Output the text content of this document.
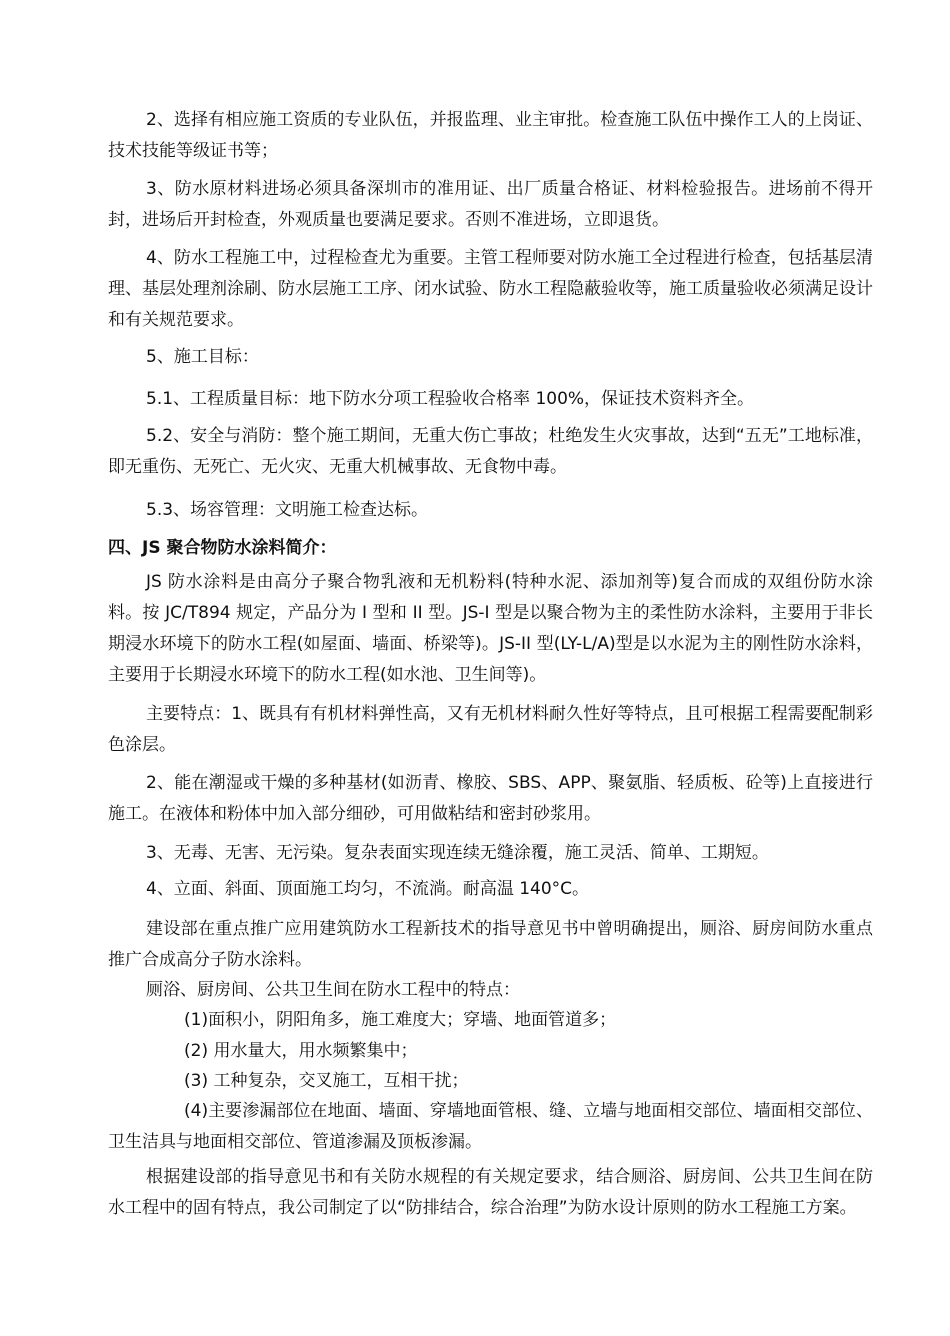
2、选择有相应施工资质的专业队伍，并报监理、业主审批。检查施工队伍中操作工人的上岗证、技术技能等级证书等；

3、防水原材料进场必须具备深圳市的准用证、出厂质量合格证、材料检验报告。进场前不得开封，进场后开封检查，外观质量也要满足要求。否则不准进场，立即退货。

4、防水工程施工中，过程检查尤为重要。主管工程师要对防水施工全过程进行检查，包括基层清理、基层处理剂涂刷、防水层施工工序、闭水试验、防水工程隐蔽验收等，施工质量验收必须满足设计和有关规范要求。

5、施工目标：

5.1、工程质量目标：地下防水分项工程验收合格率 100%，保证技术资料齐全。

5.2、安全与消防：整个施工期间，无重大伤亡事故；杜绝发生火灾事故，达到“五无”工地标准，即无重伤、无死亡、无火灾、无重大机械事故、无食物中毒。

5.3、场容管理：文明施工检查达标。

四、JS 聚合物防水涂料简介：

JS 防水涂料是由高分子聚合物乳液和无机粉料(特种水泥、添加剂等)复合而成的双组份防水涂料。按 JC/T894 规定，产品分为 I 型和 II 型。JS-I 型是以聚合物为主的柔性防水涂料，主要用于非长期浸水环境下的防水工程(如屋面、墙面、桥梁等)。JS-II 型(LY-L/A)型是以水泥为主的刚性防水涂料，主要用于长期浸水环境下的防水工程(如水池、卫生间等)。

主要特点：1、既具有有机材料弹性高，又有无机材料耐久性好等特点，且可根据工程需要配制彩色涂层。

2、能在潮湿或干燥的多种基材(如沥青、橡胶、SBS、APP、聚氨脂、轻质板、砼等)上直接进行施工。在液体和粉体中加入部分细砂，可用做粘结和密封砂浆用。

3、无毒、无害、无污染。复杂表面实现连续无缝涂覆，施工灵活、简单、工期短。

4、立面、斜面、顶面施工均匀，不流淌。耐高温 140°C。

建设部在重点推广应用建筑防水工程新技术的指导意见书中曾明确提出，厕浴、厨房间防水重点推广合成高分子防水涂料。

厕浴、厨房间、公共卫生间在防水工程中的特点：

(1)面积小，阴阳角多，施工难度大；穿墙、地面管道多；

(2) 用水量大，用水频繁集中；

(3) 工种复杂，交叉施工，互相干扰；

(4)主要渗漏部位在地面、墙面、穿墙地面管根、缝、立墙与地面相交部位、墙面相交部位、卫生洁具与地面相交部位、管道渗漏及顶板渗漏。

根据建设部的指导意见书和有关防水规程的有关规定要求，结合厕浴、厨房间、公共卫生间在防水工程中的固有特点，我公司制定了以“防排结合，综合治理”为防水设计原则的防水工程施工方案。
